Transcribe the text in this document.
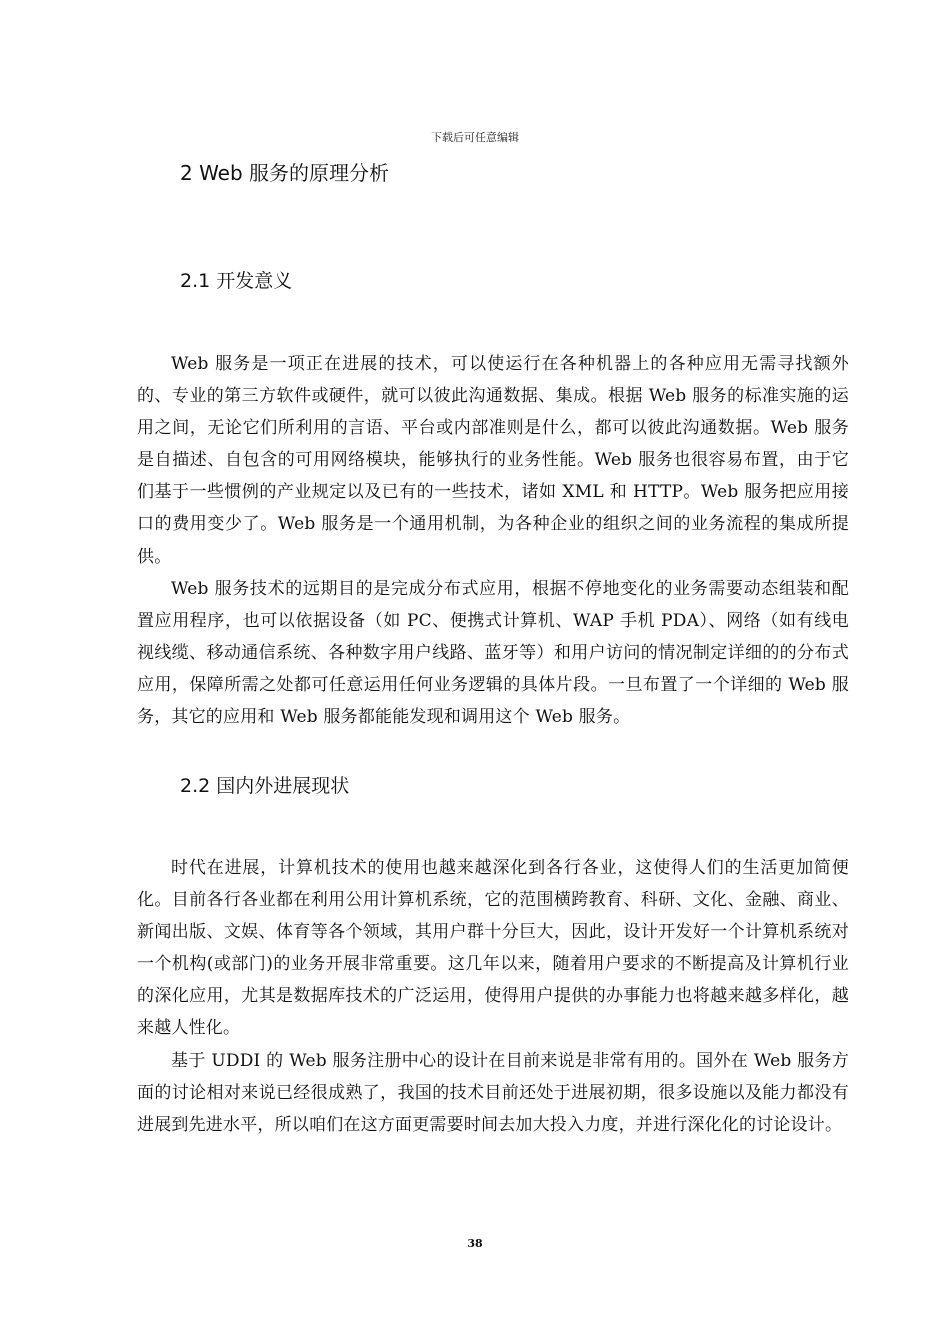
下载后可任意编辑
2 Web 服务的原理分析
2.1 开发意义

Web 服务是一项正在进展的技术，可以使运行在各种机器上的各种应用无需寻找额外的、专业的第三方软件或硬件，就可以彼此沟通数据、集成。根据 Web 服务的标准实施的运用之间，无论它们所利用的言语、平台或内部准则是什么，都可以彼此沟通数据。Web 服务是自描述、自包含的可用网络模块，能够执行的业务性能。Web 服务也很容易布置，由于它们基于一些惯例的产业规定以及已有的一些技术，诸如 XML 和 HTTP。Web 服务把应用接口的费用变少了。Web 服务是一个通用机制，为各种企业的组织之间的业务流程的集成所提供。

Web 服务技术的远期目的是完成分布式应用，根据不停地变化的业务需要动态组装和配置应用程序，也可以依据设备（如 PC、便携式计算机、WAP 手机 PDA）、网络（如有线电视线缆、移动通信系统、各种数字用户线路、蓝牙等）和用户访问的情况制定详细的的分布式应用，保障所需之处都可任意运用任何业务逻辑的具体片段。一旦布置了一个详细的 Web 服务，其它的应用和 Web 服务都能能发现和调用这个 Web 服务。

2.2 国内外进展现状

时代在进展，计算机技术的使用也越来越深化到各行各业，这使得人们的生活更加简便化。目前各行各业都在利用公用计算机系统，它的范围横跨教育、科研、文化、金融、商业、新闻出版、文娱、体育等各个领域，其用户群十分巨大，因此，设计开发好一个计算机系统对一个机构(或部门)的业务开展非常重要。这几年以来，随着用户要求的不断提高及计算机行业的深化应用，尤其是数据库技术的广泛运用，使得用户提供的办事能力也将越来越多样化，越来越人性化。

基于 UDDI 的 Web 服务注册中心的设计在目前来说是非常有用的。国外在 Web 服务方面的讨论相对来说已经很成熟了，我国的技术目前还处于进展初期，很多设施以及能力都没有进展到先进水平，所以咱们在这方面更需要时间去加大投入力度，并进行深化化的讨论设计。

38
